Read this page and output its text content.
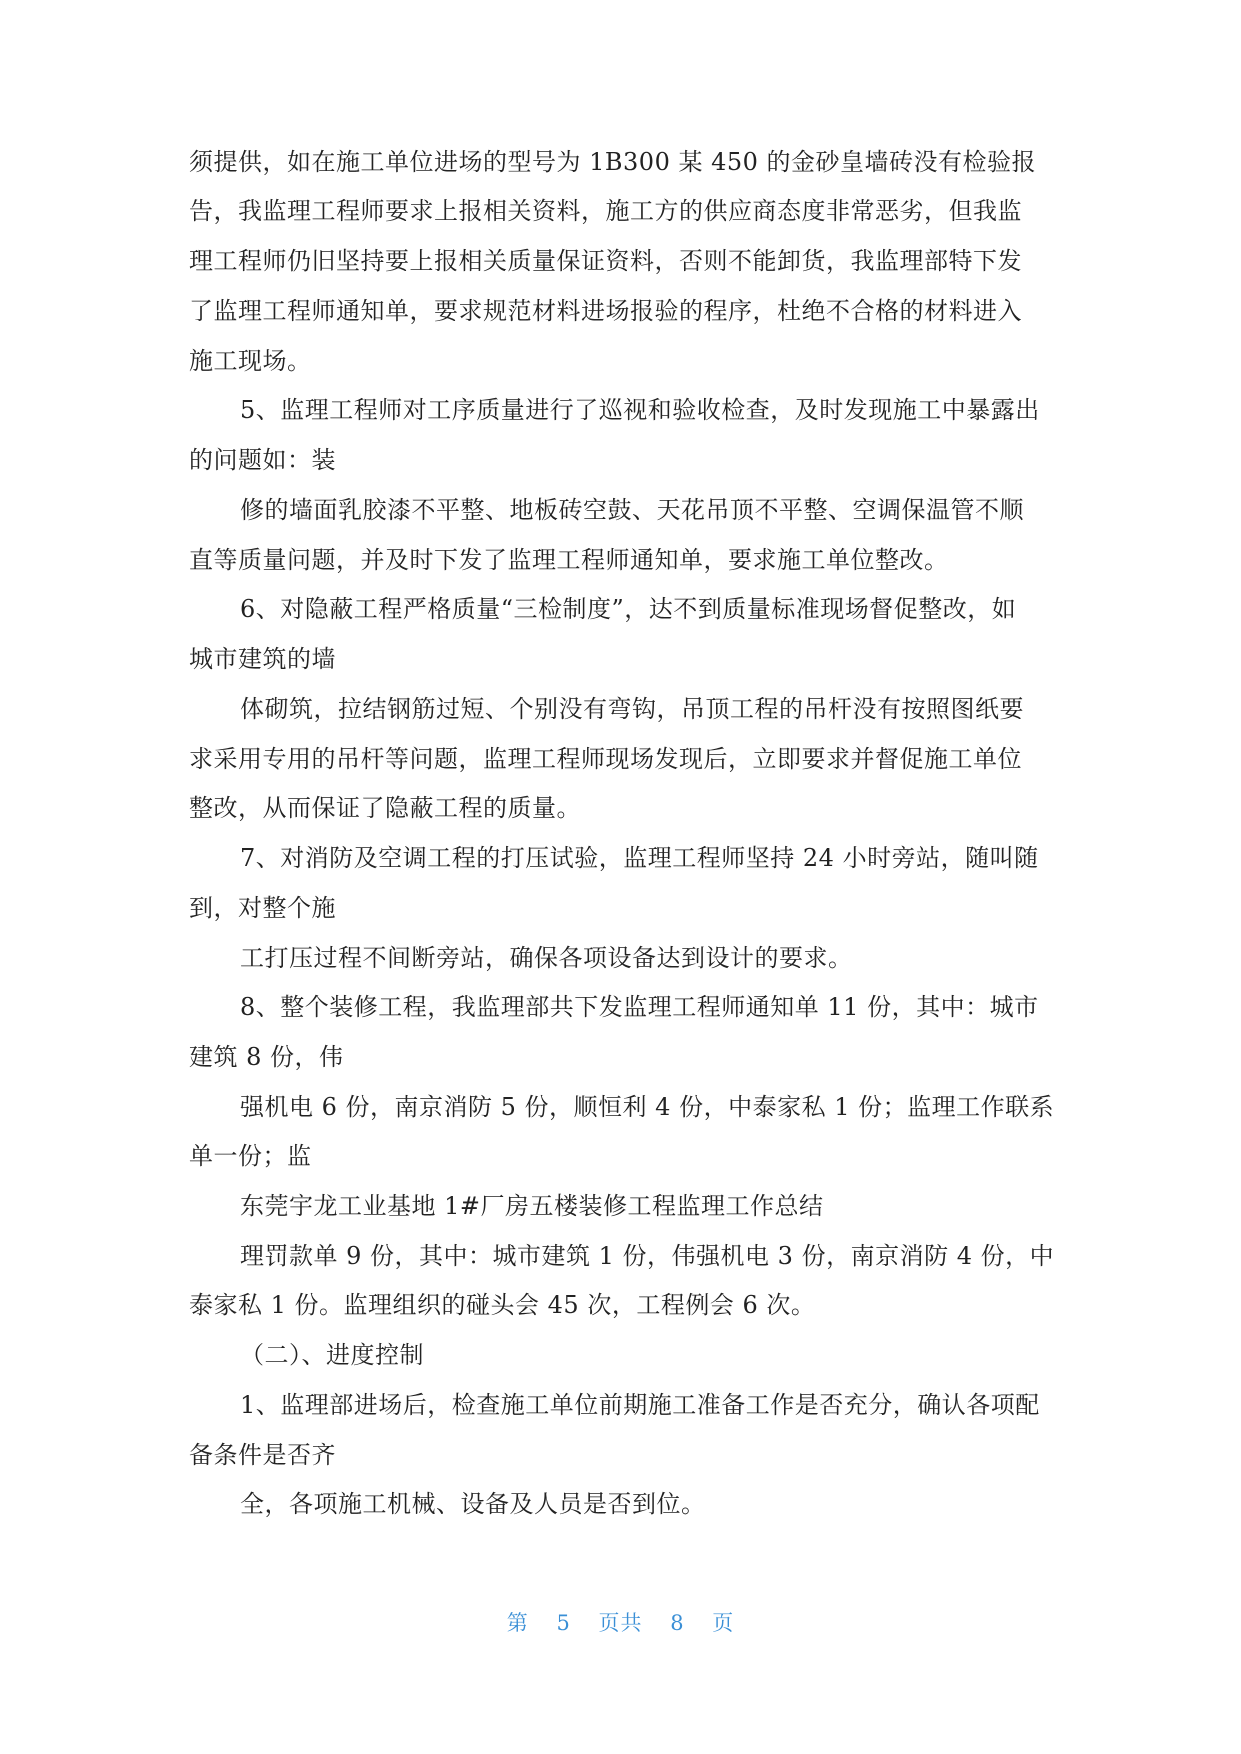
须提供，如在施工单位进场的型号为 1B300 某 450 的金砂皇墙砖没有检验报
告，我监理工程师要求上报相关资料，施工方的供应商态度非常恶劣，但我监
理工程师仍旧坚持要上报相关质量保证资料，否则不能卸货，我监理部特下发
了监理工程师通知单，要求规范材料进场报验的程序，杜绝不合格的材料进入
施工现场。
5、监理工程师对工序质量进行了巡视和验收检查，及时发现施工中暴露出
的问题如：装
修的墙面乳胶漆不平整、地板砖空鼓、天花吊顶不平整、空调保温管不顺
直等质量问题，并及时下发了监理工程师通知单，要求施工单位整改。
6、对隐蔽工程严格质量“三检制度”，达不到质量标准现场督促整改，如
城市建筑的墙
体砌筑，拉结钢筋过短、个别没有弯钩，吊顶工程的吊杆没有按照图纸要
求采用专用的吊杆等问题，监理工程师现场发现后，立即要求并督促施工单位
整改，从而保证了隐蔽工程的质量。
7、对消防及空调工程的打压试验，监理工程师坚持 24 小时旁站，随叫随
到，对整个施
工打压过程不间断旁站，确保各项设备达到设计的要求。
8、整个装修工程，我监理部共下发监理工程师通知单 11 份，其中：城市
建筑 8 份，伟
强机电 6 份，南京消防 5 份，顺恒利 4 份，中泰家私 1 份；监理工作联系
单一份；监
东莞宇龙工业基地 1#厂房五楼装修工程监理工作总结
理罚款单 9 份，其中：城市建筑 1 份，伟强机电 3 份，南京消防 4 份，中
泰家私 1 份。监理组织的碰头会 45 次，工程例会 6 次。
（二）、进度控制
1、监理部进场后，检查施工单位前期施工准备工作是否充分，确认各项配
备条件是否齐
全，各项施工机械、设备及人员是否到位。
第 5 页共 8 页
